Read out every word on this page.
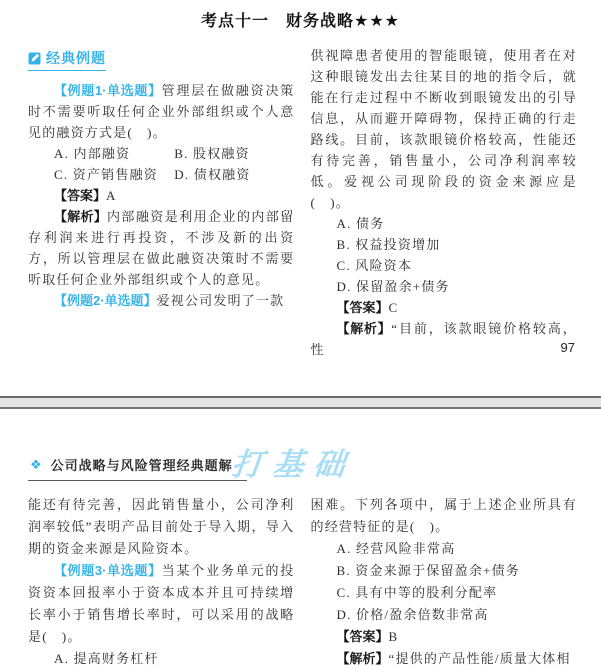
考点十一　财务战略★★★
经典例题

【例题1·单选题】管理层在做融资决策时不需要听取任何企业外部组织或个人意见的融资方式是(　)。

A. 内部融资	B. 股权融资
C. 资产销售融资	D. 债权融资

【答案】A

【解析】内部融资是利用企业的内部留存利润来进行再投资，不涉及新的出资方，所以管理层在做此融资决策时不需要听取任何企业外部组织或个人的意见。

【例题2·单选题】爱视公司发明了一款

供视障患者使用的智能眼镜，使用者在对这种眼镜发出去往某目的地的指令后，就能在行走过程中不断收到眼镜发出的引导信息，从而避开障碍物，保持正确的行走路线。目前，该款眼镜价格较高，性能还有待完善，销售量小，公司净利润率较低。爱视公司现阶段的资金来源应是(　)。

A. 债务
B. 权益投资增加
C. 风险资本
D. 保留盈余+债务

【答案】C

【解析】“目前，该款眼镜价格较高，性	97
打基础
❖ 公司战略与风险管理经典题解

能还有待完善，因此销售量小，公司净利润率较低”表明产品目前处于导入期，导入期的资金来源是风险资本。

【例题3·单选题】当某个业务单元的投资资本回报率小于资本成本并且可持续增长率小于销售增长率时，可以采用的战略是(　)。

A. 提高财务杠杆

困难。下列各项中，属于上述企业所具有的经营特征的是(　)。

A. 经营风险非常高
B. 资金来源于保留盈余+债务
C. 具有中等的股利分配率
D. 价格/盈余倍数非常高

【答案】B

【解析】“提供的产品性能/质量大体相
